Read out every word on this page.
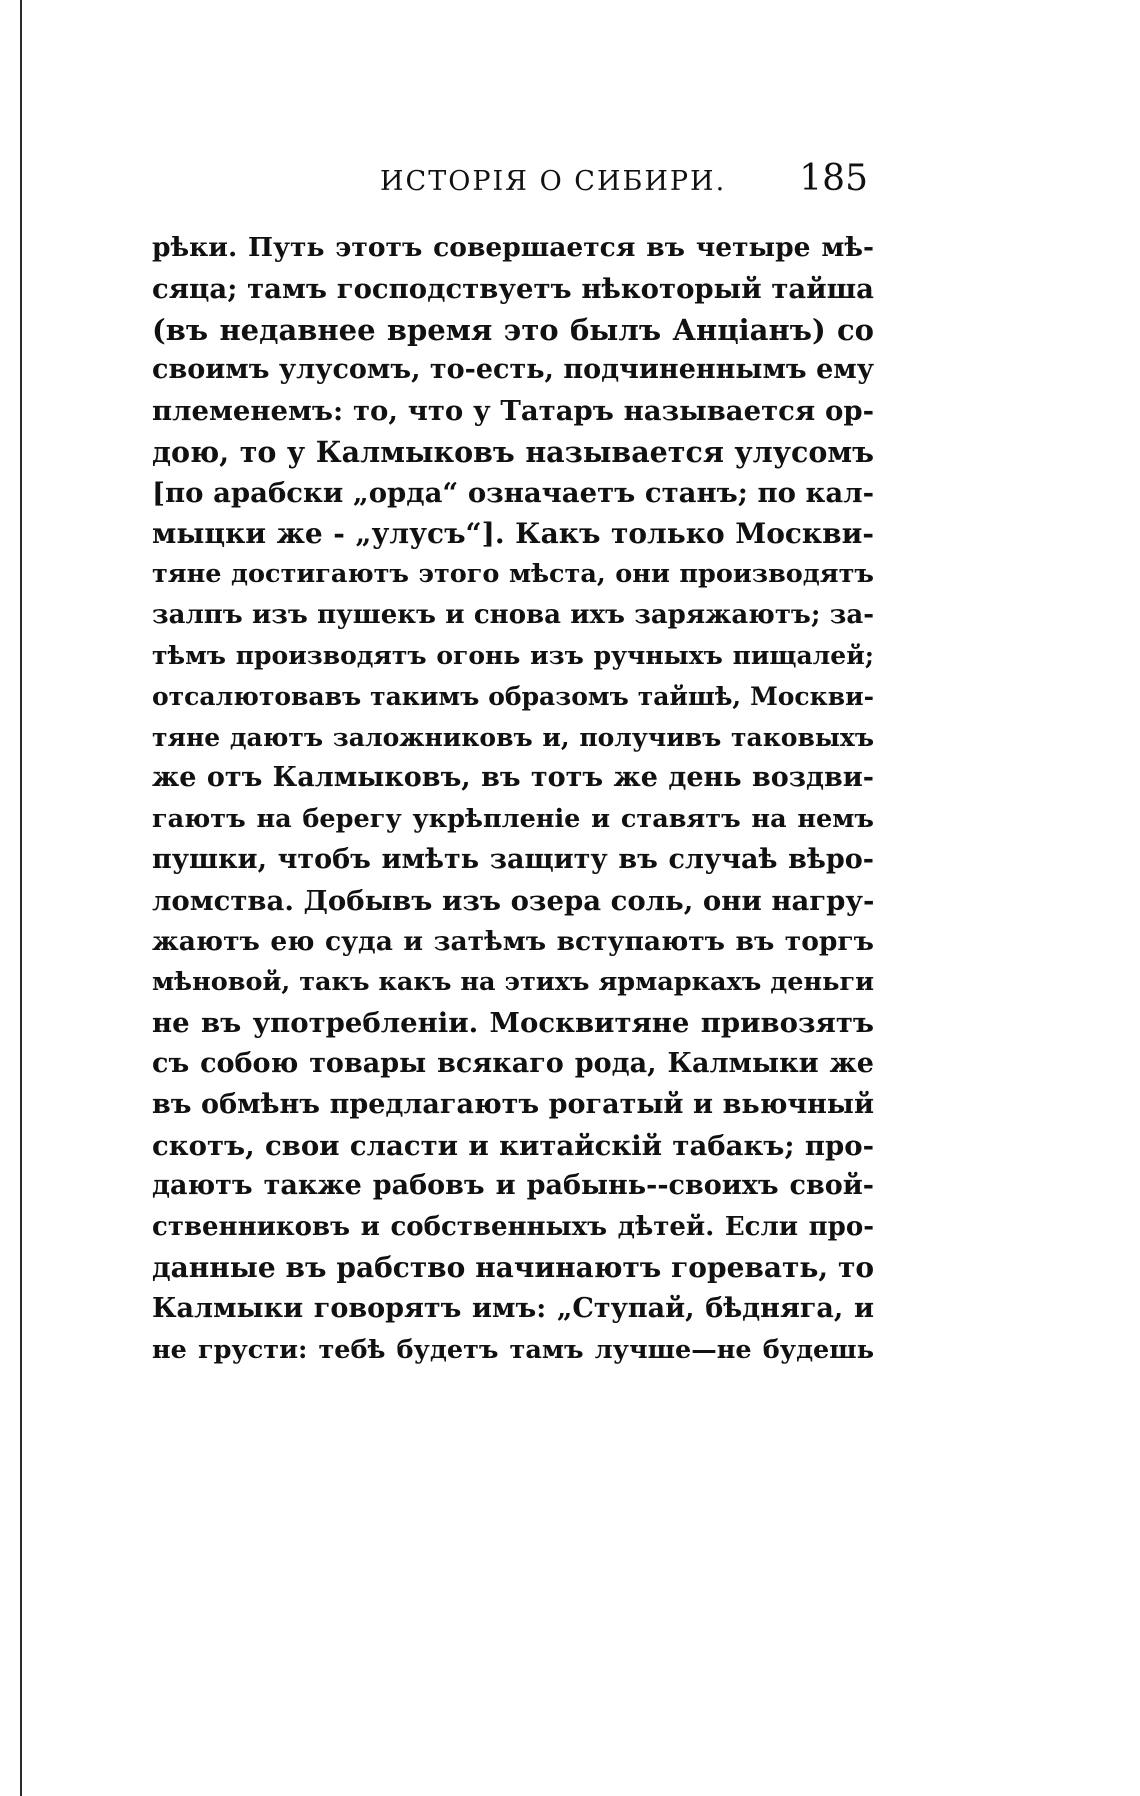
ИСТОРІЯ О СИБИРИ. 185
рѣки. Путь этотъ совершается въ четыре мѣ-
сяца; тамъ господствуетъ нѣкоторый тайша
(въ недавнее время это былъ Анціанъ) со
своимъ улусомъ, то-есть, подчиненнымъ ему
племенемъ: то, что у Татаръ называется ор-
дою, то у Калмыковъ называется улусомъ
[по арабски „орда“ означаетъ станъ; по кал-
мыцки же - „улусъ“]. Какъ только Москви-
тяне достигаютъ этого мѣста, они производятъ
залпъ изъ пушекъ и снова ихъ заряжаютъ; за-
тѣмъ производятъ огонь изъ ручныхъ пищалей;
отсалютовавъ такимъ образомъ тайшѣ, Москви-
тяне даютъ заложниковъ и, получивъ таковыхъ
же отъ Калмыковъ, въ тотъ же день воздви-
гаютъ на берегу укрѣпленіе и ставятъ на немъ
пушки, чтобъ имѣть защиту въ случаѣ вѣро-
ломства. Добывъ изъ озера соль, они нагру-
жаютъ ею суда и затѣмъ вступаютъ въ торгъ
мѣновой, такъ какъ на этихъ ярмаркахъ деньги
не въ употребленіи. Москвитяне привозятъ
съ собою товары всякаго рода, Калмыки же
въ обмѣнъ предлагаютъ рогатый и вьючный
скотъ, свои сласти и китайскій табакъ; про-
даютъ также рабовъ и рабынь--своихъ свой-
ственниковъ и собственныхъ дѣтей. Если про-
данные въ рабство начинаютъ горевать, то
Калмыки говорятъ имъ: „Ступай, бѣдняга, и
не грусти: тебѣ будетъ тамъ лучше—не будешь
